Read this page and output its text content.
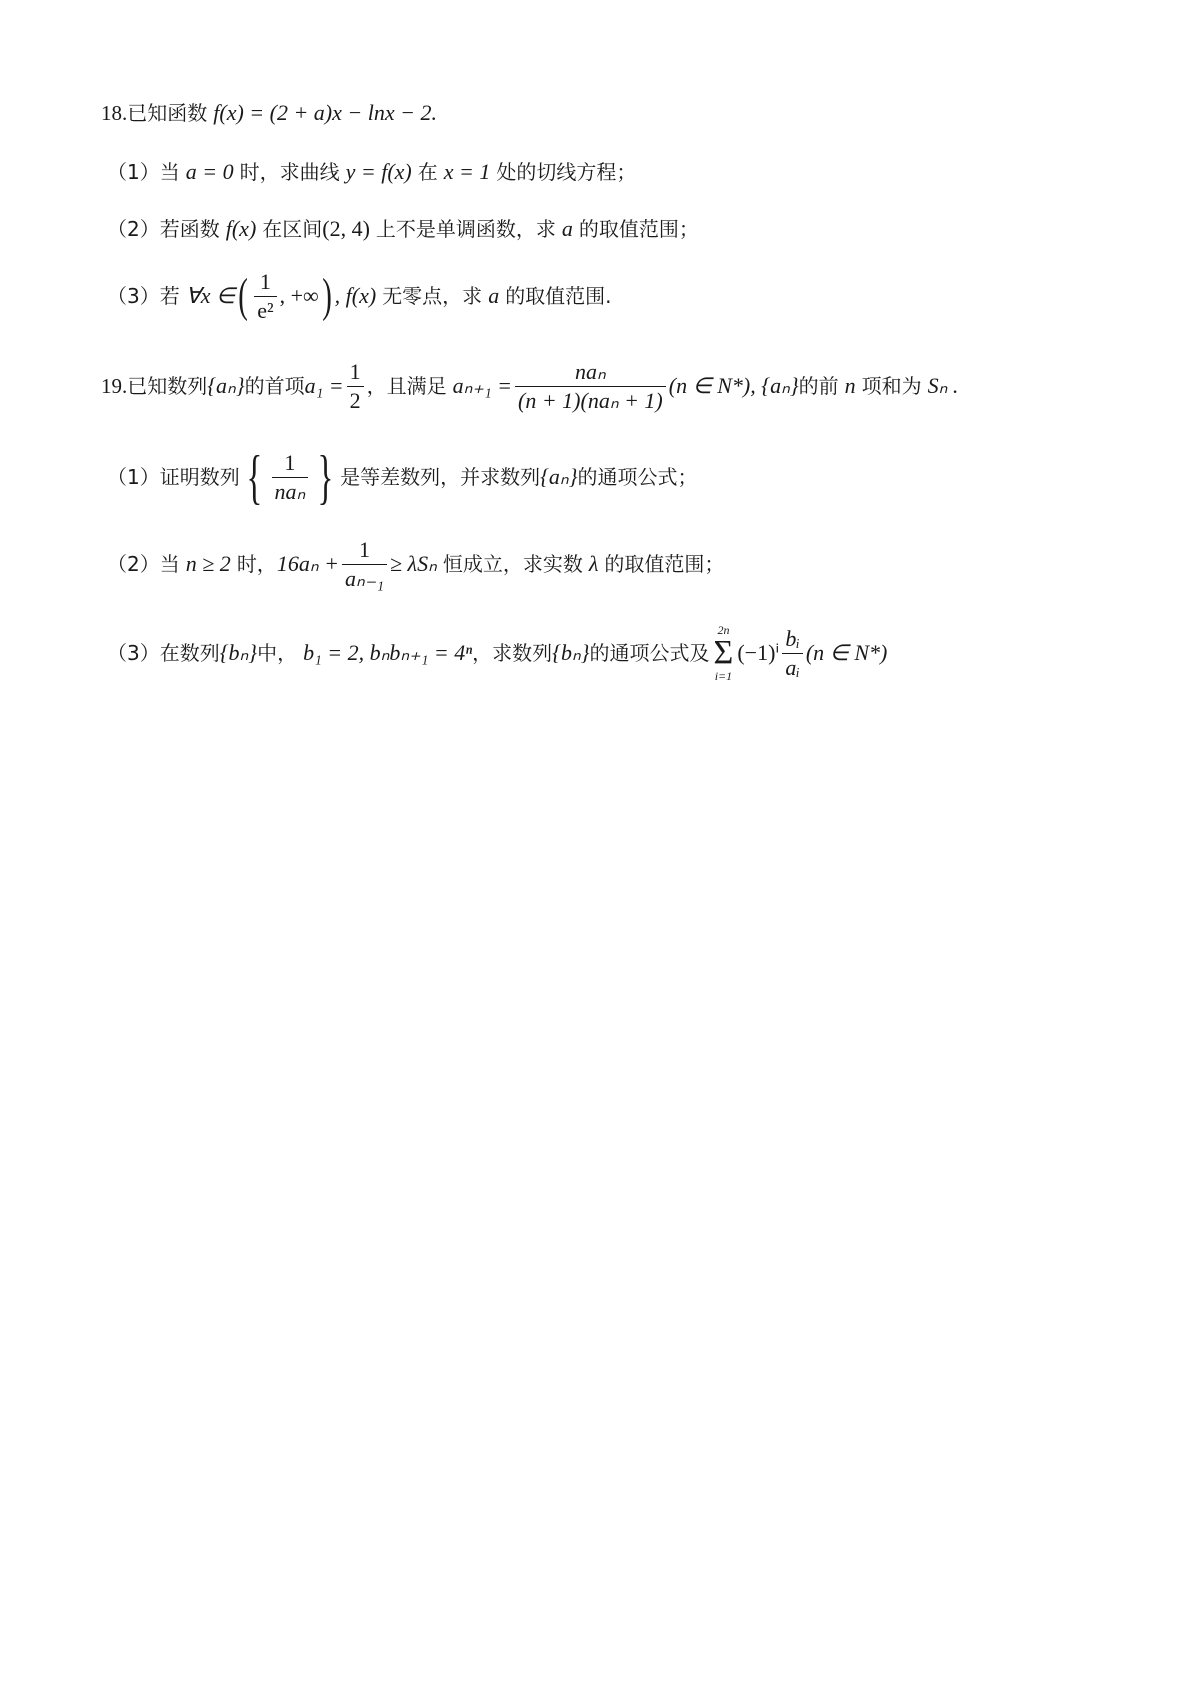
18. 已知函数 f(x) = (2 + a)x − lnx − 2.
（1） 当 a = 0 时，求曲线 y = f(x) 在 x = 1 处的切线方程；
（2） 若函数 f(x) 在区间 (2, 4) 上不是单调函数，求 a 的取值范围；
（3） 若 ∀x ∈ ( $\frac{1}{\text{e²}}$ , +∞ ) , f(x) 无零点，求 a 的取值范围.
19. 已知数列 {aₙ} 的首项 $a_1 = \frac{1}{2}$ ，且满足 $a_{n+1} = \frac{\text{naₙ}}{\text{(n + 1)(naₙ + 1)}} (n$ ∈ N*) , {aₙ} 的前 n 项和为 Sₙ .
（1） 证明数列 { $\frac{1}{\text{naₙ}}$ } 是等差数列，并求数列 {aₙ} 的通项公式；
（2） 当 n ≥ 2 时， $16a_n + \frac{1}{\text{aₙ₋₁}} \ge \lambda S_n$ 恒成立，求实数 λ 的取值范围；
（3） 在数列 {bₙ} 中， b₁ = 2, bₙbₙ₊₁ = 4ⁿ ，求数列 {bₙ} 的通项公式及
2n
Σ
i=1
$(-1)^i \frac{\text{bᵢ}}{\text{aᵢ}} (n$ ∈ N*)
